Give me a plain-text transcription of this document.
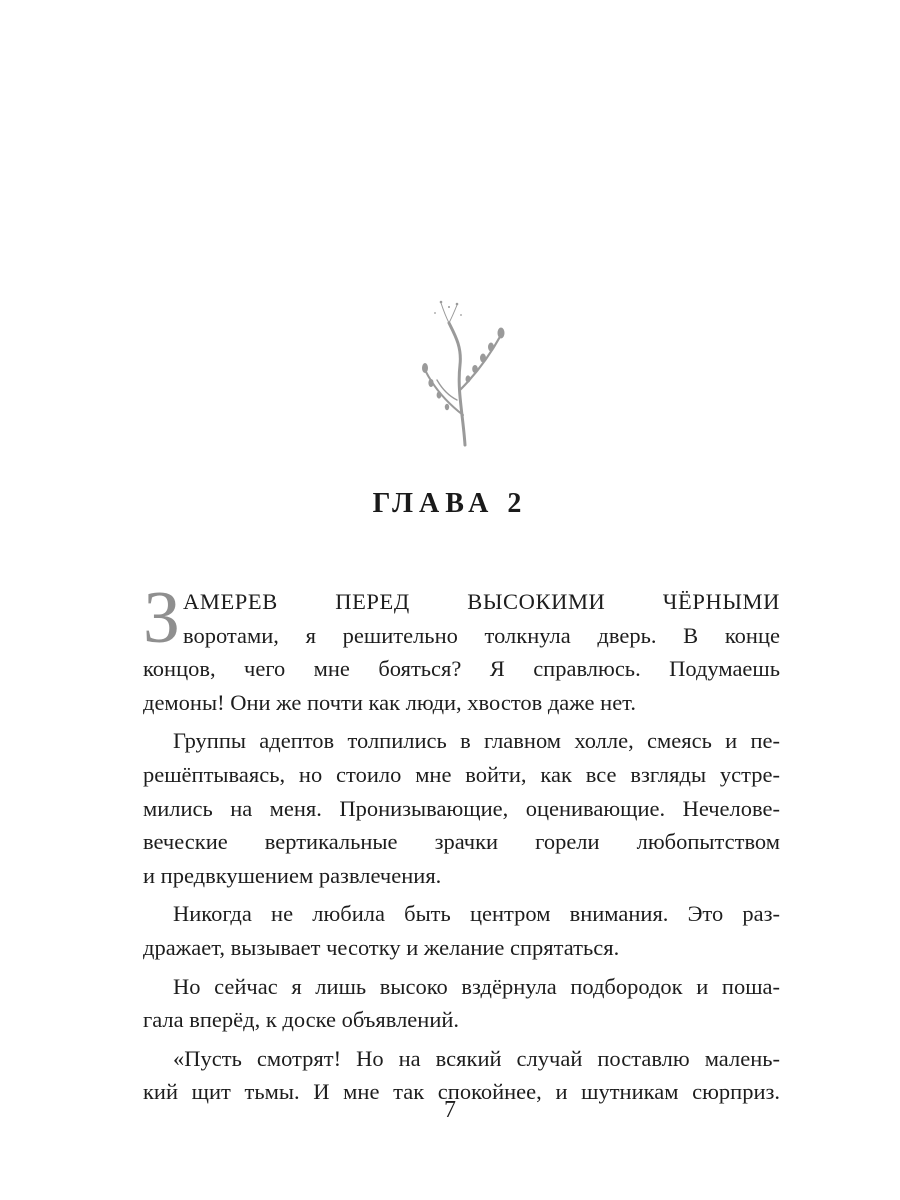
ГЛАВА 2
З АМЕРЕВ ПЕРЕД ВЫСОКИМИ ЧЁРНЫМИ
воротами, я решительно толкнула дверь. В конце
концов, чего мне бояться? Я справлюсь. Подумаешь
демоны! Они же почти как люди, хвостов даже нет.
Группы адептов толпились в главном холле, смеясь и пе-
решёптываясь, но стоило мне войти, как все взгляды устре-
мились на меня. Пронизывающие, оценивающие. Нечелове-
веческие вертикальные зрачки горели любопытством
и предвкушением развлечения.
Никогда не любила быть центром внимания. Это раз-
дражает, вызывает чесотку и желание спрятаться.
Но сейчас я лишь высоко вздёрнула подбородок и поша-
гала вперёд, к доске объявлений.
«Пусть смотрят! Но на всякий случай поставлю малень-
кий щит тьмы. И мне так спокойнее, и шутникам сюрприз.
7
